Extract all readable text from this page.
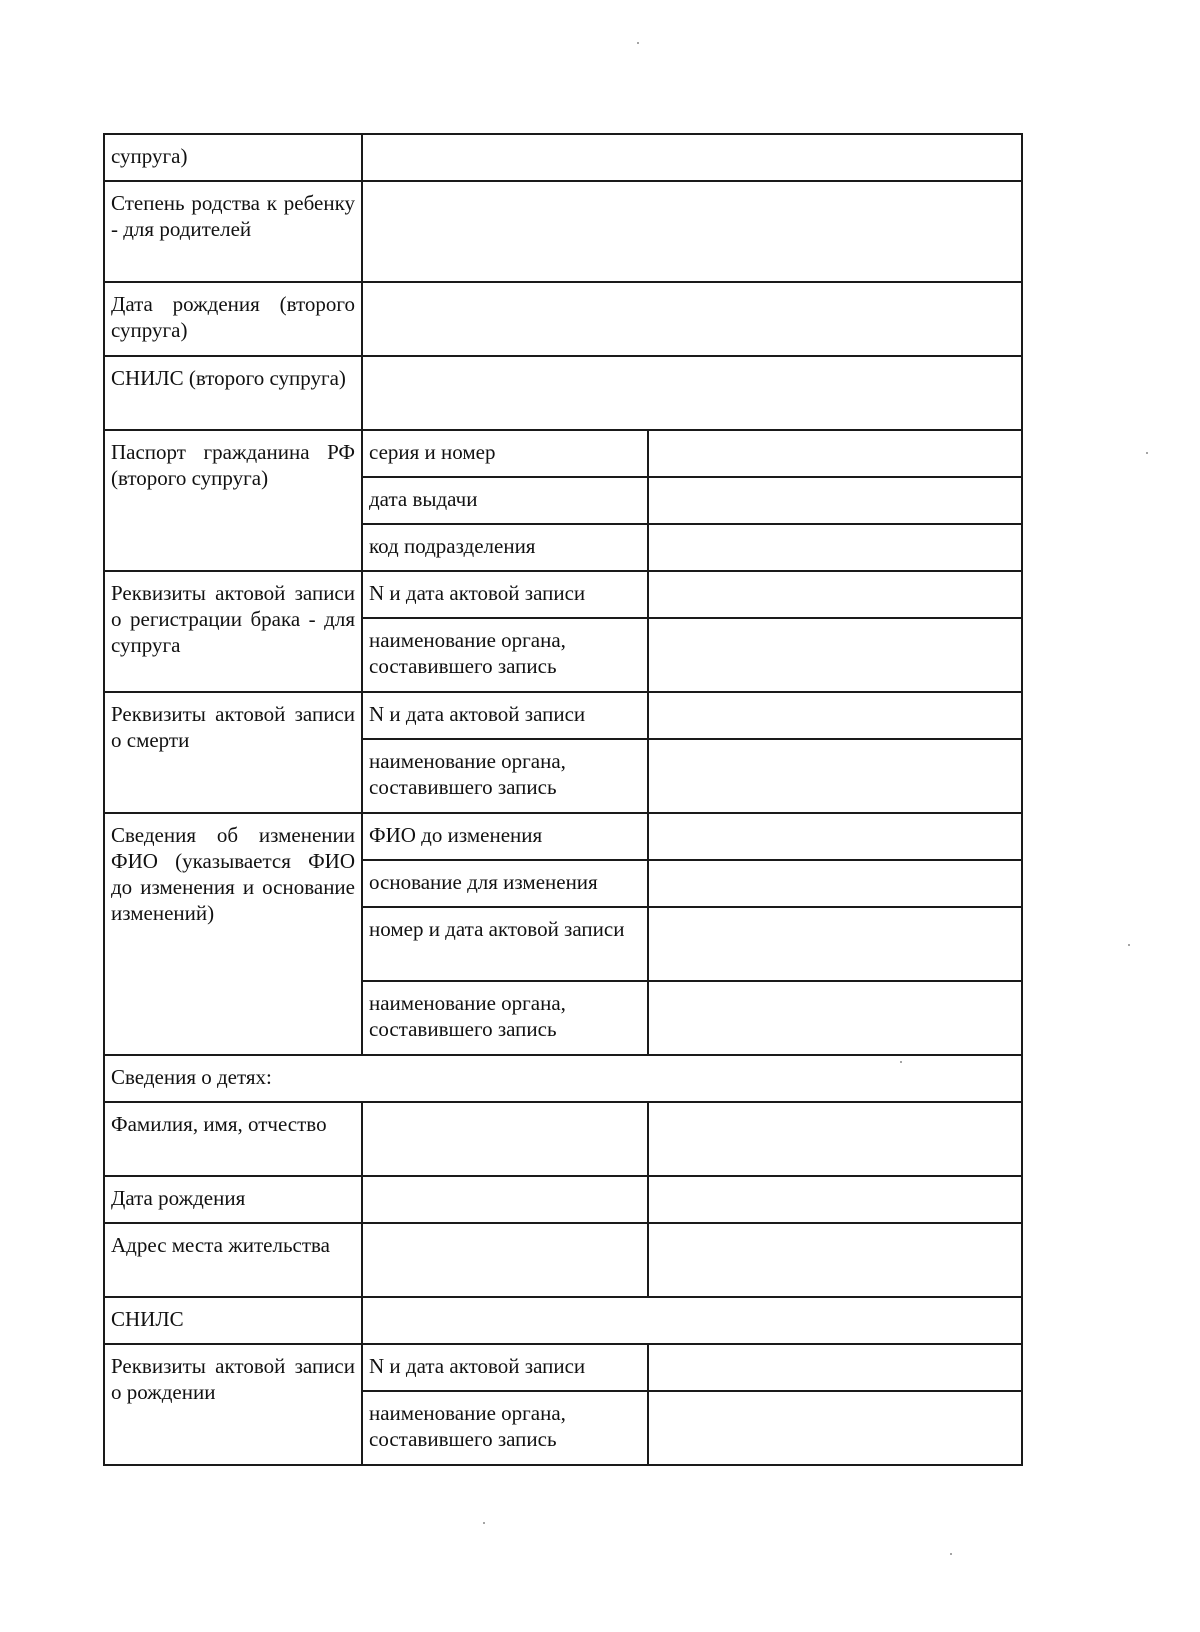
супруга)		
Степень родства к ребенку - для родителей		
Дата рождения (второго супруга)		
СНИЛС (второго супруга)		
Паспорт гражданина РФ (второго супруга)	серия и номер	
	дата выдачи	
	код подразделения	
Реквизиты актовой записи о регистрации брака - для супруга	N и дата актовой записи	
	наименование органа, составившего запись	
Реквизиты актовой записи о смерти	N и дата актовой записи	
	наименование органа, составившего запись	
Сведения об изменении ФИО (указывается ФИО до изменения и основание изменений)	ФИО до изменения	
	основание для изменения	
	номер и дата актовой записи	
	наименование органа, составившего запись	
Сведения о детях:		
Фамилия, имя, отчество		
Дата рождения		
Адрес места жительства		
СНИЛС		
Реквизиты актовой записи о рождении	N и дата актовой записи	
	наименование органа, составившего запись	
